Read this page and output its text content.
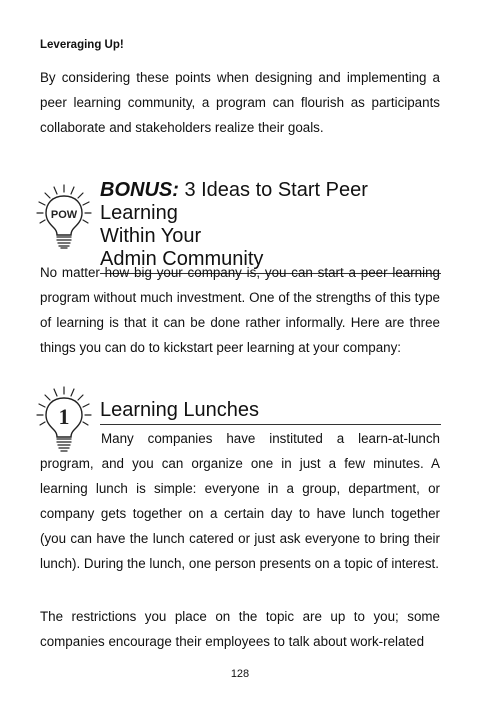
Leveraging Up!

By considering these points when designing and implementing a peer learning community, a program can flourish as participants collaborate and stakeholders realize their goals.

POW
BONUS: 3 Ideas to Start Peer Learning
Within Your
Admin Community

No matter how big your company is, you can start a peer learning program without much investment. One of the strengths of this type of learning is that it can be done rather informally. Here are three things you can do to kickstart peer learning at your company:

1 Learning Lunches

Many companies have instituted a learn-at-lunch program, and you can organize one in just a few minutes. A learning lunch is simple: everyone in a group, department, or company gets together on a certain day to have lunch together (you can have the lunch catered or just ask everyone to bring their lunch). During the lunch, one person presents on a topic of interest.

The restrictions you place on the topic are up to you; some companies encourage their employees to talk about work-related

128
